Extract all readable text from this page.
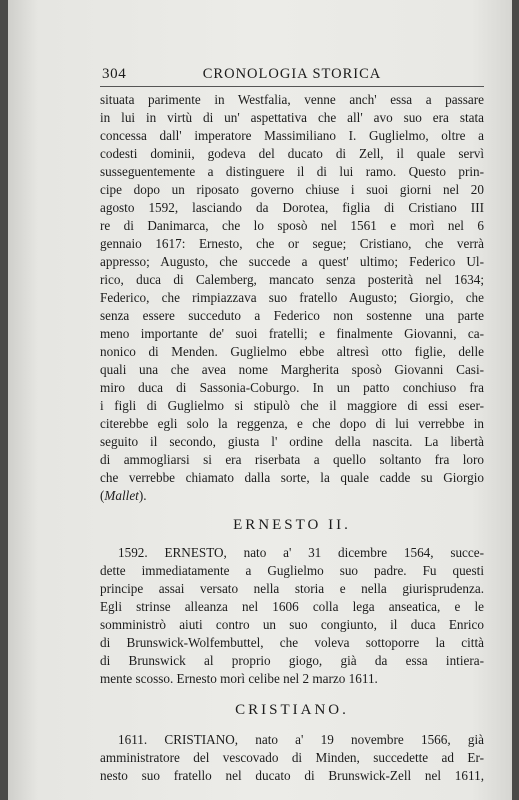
304	CRONOLOGIA STORICA

situata parimente in Westfalia, venne anch' essa a passare
in lui in virtù di un' aspettativa che all' avo suo era stata
concessa dall' imperatore Massimiliano I. Guglielmo, oltre a
codesti dominii, godeva del ducato di Zell, il quale servì
susseguentemente a distinguere il di lui ramo. Questo prin-
cipe dopo un riposato governo chiuse i suoi giorni nel 20
agosto 1592, lasciando da Dorotea, figlia di Cristiano III
re di Danimarca, che lo sposò nel 1561 e morì nel 6
gennaio 1617: Ernesto, che or segue; Cristiano, che verrà
appresso; Augusto, che succede a quest' ultimo; Federico Ul-
rico, duca di Calemberg, mancato senza posterità nel 1634;
Federico, che rimpiazzava suo fratello Augusto; Giorgio, che
senza essere succeduto a Federico non sostenne una parte
meno importante de' suoi fratelli; e finalmente Giovanni, ca-
nonico di Menden. Guglielmo ebbe altresì otto figlie, delle
quali una che avea nome Margherita sposò Giovanni Casi-
miro duca di Sassonia-Coburgo. In un patto conchiuso fra
i figli di Guglielmo si stipulò che il maggiore di essi eser-
citerebbe egli solo la reggenza, e che dopo di lui verrebbe in
seguito il secondo, giusta l' ordine della nascita. La libertà
di ammogliarsi si era riserbata a quello soltanto fra loro
che verrebbe chiamato dalla sorte, la quale cadde su Giorgio
(Mallet).

ERNESTO II.

1592. ERNESTO, nato a' 31 dicembre 1564, succe-
dette immediatamente a Guglielmo suo padre. Fu questi
principe assai versato nella storia e nella giurisprudenza.
Egli strinse alleanza nel 1606 colla lega anseatica, e le
somministrò aiuti contro un suo congiunto, il duca Enrico
di Brunswick-Wolfembuttel, che voleva sottoporre la città
di Brunswick al proprio giogo, già da essa intiera-
mente scosso. Ernesto morì celibe nel 2 marzo 1611.

CRISTIANO.

1611. CRISTIANO, nato a' 19 novembre 1566, già
amministratore del vescovado di Minden, succedette ad Er-
nesto suo fratello nel ducato di Brunswick-Zell nel 1611,
